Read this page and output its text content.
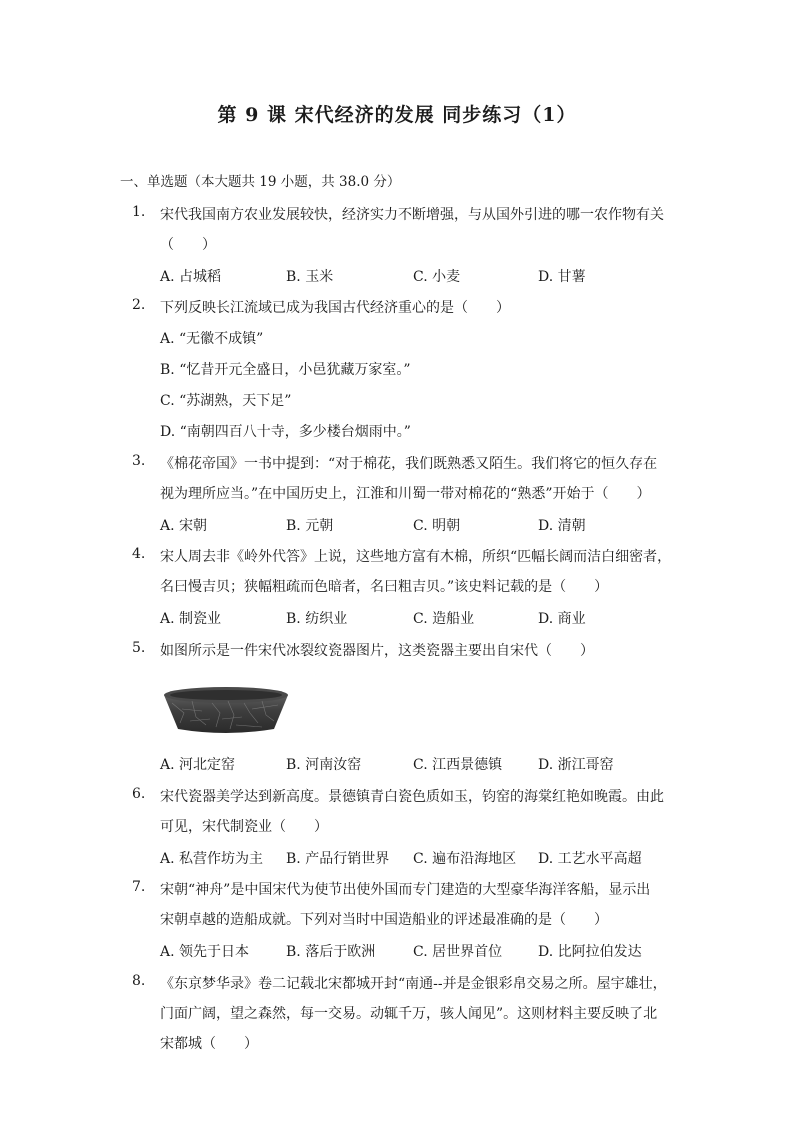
第 9 课 宋代经济的发展 同步练习（1）
一、单选题（本大题共 19 小题，共 38.0 分）
1. 宋代我国南方农业发展较快，经济实力不断增强，与从国外引进的哪一农作物有关
（　　）
A. 占城稻	B. 玉米	C. 小麦	D. 甘薯
2. 下列反映长江流域已成为我国古代经济重心的是（　　）
A. “无徽不成镇”
B. “忆昔开元全盛日，小邑犹藏万家室。”
C. “苏湖熟，天下足”
D. “南朝四百八十寺，多少楼台烟雨中。”
3. 《棉花帝国》一书中提到：“对于棉花，我们既熟悉又陌生。我们将它的恒久存在
视为理所应当。”在中国历史上，江淮和川蜀一带对棉花的“熟悉”开始于（　　）
A. 宋朝	B. 元朝	C. 明朝	D. 清朝
4. 宋人周去非《岭外代答》上说，这些地方富有木棉，所织“匹幅长阔而洁白细密者，
名曰慢吉贝；狭幅粗疏而色暗者，名曰粗吉贝。”该史料记载的是（　　）
A. 制瓷业	B. 纺织业	C. 造船业	D. 商业
5. 如图所示是一件宋代冰裂纹瓷器图片，这类瓷器主要出自宋代（　　）
A. 河北定窑	B. 河南汝窑	C. 江西景德镇	D. 浙江哥窑
6. 宋代瓷器美学达到新高度。景德镇青白瓷色质如玉，钧窑的海棠红艳如晚霞。由此
可见，宋代制瓷业（　　）
A. 私营作坊为主 B. 产品行销世界 C. 遍布沿海地区 D. 工艺水平高超
7. 宋朝“神舟”是中国宋代为使节出使外国而专门建造的大型豪华海洋客船，显示出
宋朝卓越的造船成就。下列对当时中国造船业的评述最准确的是（　　）
A. 领先于日本	B. 落后于欧洲	C. 居世界首位	D. 比阿拉伯发达
8. 《东京梦华录》卷二记载北宋都城开封“南通--并是金银彩帛交易之所。屋宇雄壮，
门面广阔，望之森然，每一交易。动辄千万，骇人闻见”。这则材料主要反映了北
宋都城（　　）
